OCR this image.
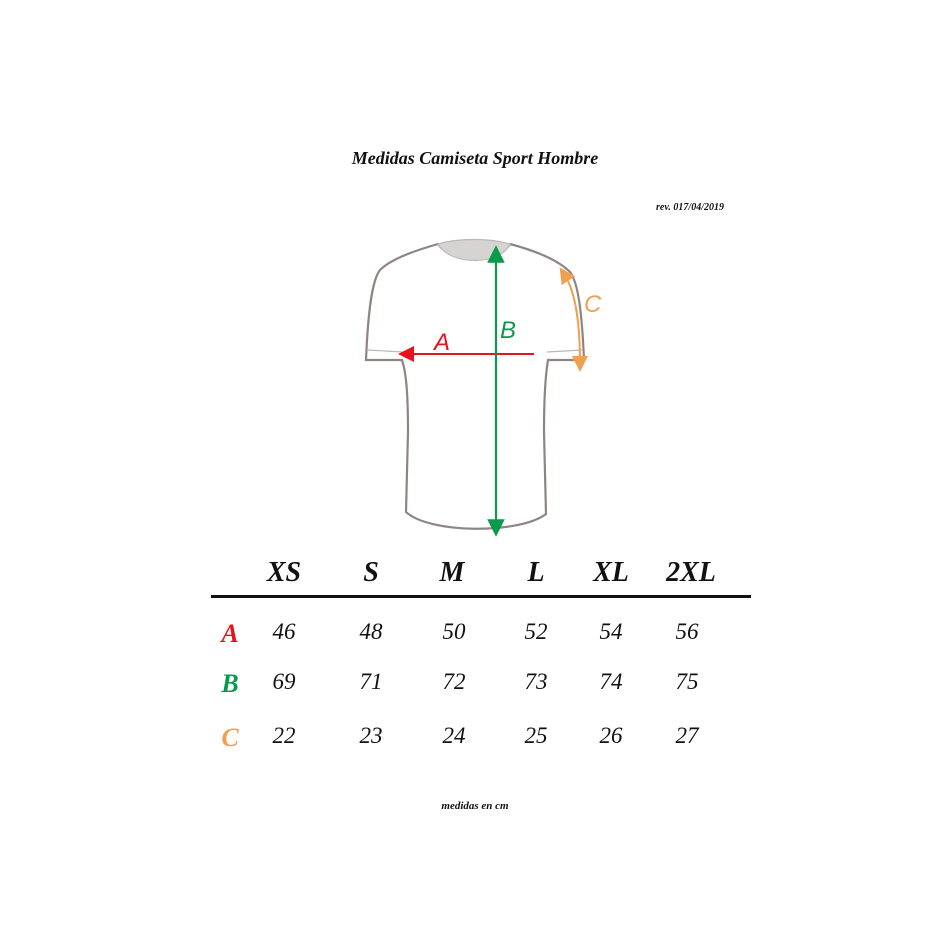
Medidas Camiseta Sport Hombre
rev. 017/04/2019
A B
C
XS	S	M	L	XL	2XL
A	46	48	50	52	54	56
B	69	71	72	73	74	75
C	22	23	24	25	26	27
medidas en cm
